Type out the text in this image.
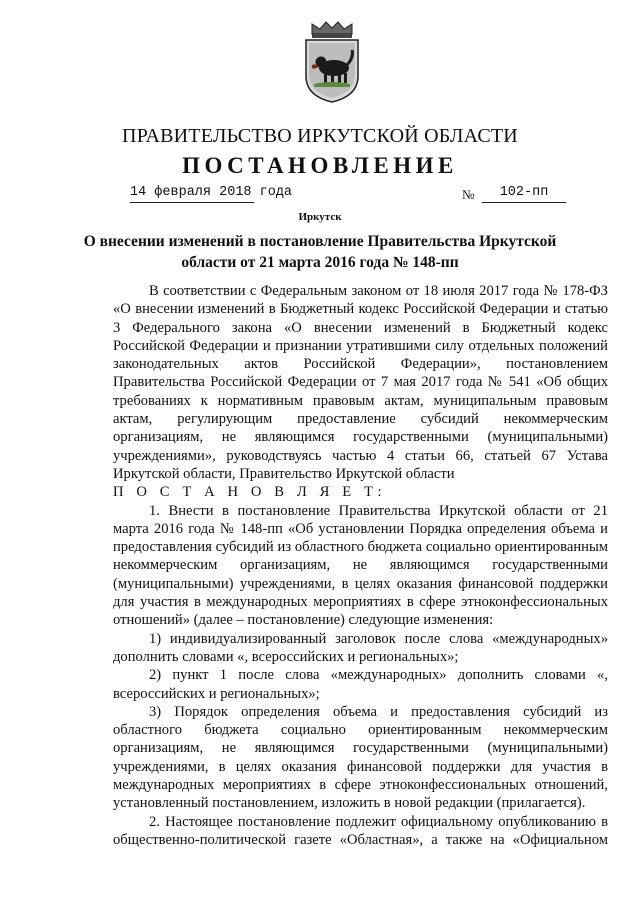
ПРАВИТЕЛЬСТВО ИРКУТСКОЙ ОБЛАСТИ
ПОСТАНОВЛЕНИЕ
14 февраля 2018 года	№	102-пп
Иркутск
О внесении изменений в постановление Правительства Иркутской области от 21 марта 2016 года № 148-пп

В соответствии с Федеральным законом от 18 июля 2017 года № 178-ФЗ «О внесении изменений в Бюджетный кодекс Российской Федерации и статью 3 Федерального закона «О внесении изменений в Бюджетный кодекс Российской Федерации и признании утратившими силу отдельных положений законодательных актов Российской Федерации», постановлением Правительства Российской Федерации от 7 мая 2017 года № 541 «Об общих требованиях к нормативным правовым актам, муниципальным правовым актам, регулирующим предоставление субсидий некоммерческим организациям, не являющимся государственными (муниципальными) учреждениями», руководствуясь частью 4 статьи 66, статьей 67 Устава Иркутской области, Правительство Иркутской области

П О С Т А Н О В Л Я Е Т:

1. Внести в постановление Правительства Иркутской области от 21 марта 2016 года № 148-пп «Об установлении Порядка определения объема и предоставления субсидий из областного бюджета социально ориентированным некоммерческим организациям, не являющимся государственными (муниципальными) учреждениями, в целях оказания финансовой поддержки для участия в международных мероприятиях в сфере этноконфессиональных отношений» (далее – постановление) следующие изменения:

1) индивидуализированный заголовок после слова «международных» дополнить словами «, всероссийских и региональных»;

2) пункт 1 после слова «международных» дополнить словами «, всероссийских и региональных»;

3) Порядок определения объема и предоставления субсидий из областного бюджета социально ориентированным некоммерческим организациям, не являющимся государственными (муниципальными) учреждениями, в целях оказания финансовой поддержки для участия в международных мероприятиях в сфере этноконфессиональных отношений, установленный постановлением, изложить в новой редакции (прилагается).

2. Настоящее постановление подлежит официальному опубликованию в общественно-политической газете «Областная», а также на «Официальном
